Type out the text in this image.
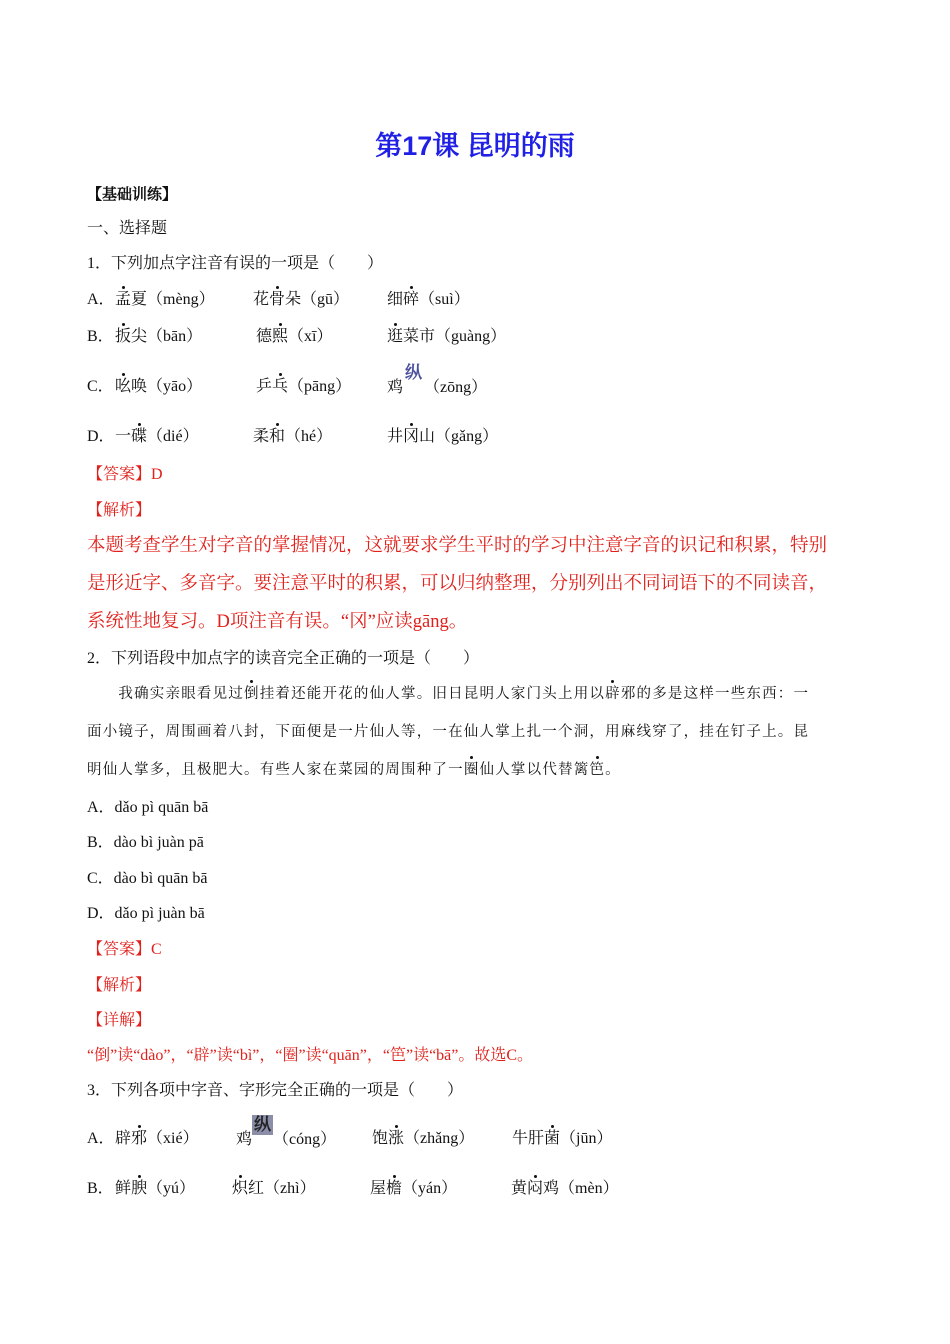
第17课 昆明的雨
【基础训练】
一、选择题
1．下列加点字注音有误的一项是（　　）
A． 孟夏（mèng） 花骨朵（gū） 细碎（suì）
B． 扳尖（bān）	德熙（xī）	逛菜市（guàng）
C． 吆唤（yāo）	乒乓（pāng） 鸡纵（zōng）
D． 一碟（dié）	柔和（hé）	井冈山（gǎng）
【答案】D
【解析】
本题考查学生对字音的掌握情况，这就要求学生平时的学习中注意字音的识记和积累，特别
是形近字、多音字。要注意平时的积累，可以归纳整理，分别列出不同词语下的不同读音，
系统性地复习。D项注音有误。“冈”应读gāng。
2．下列语段中加点字的读音完全正确的一项是（　　）
　　我确实亲眼看见过倒挂着还能开花的仙人掌。旧日昆明人家门头上用以辟邪的多是这样一些东西：一
面小镜子，周围画着八封，下面便是一片仙人等，一在仙人掌上扎一个洞，用麻线穿了，挂在钉子上。昆
明仙人掌多，且极肥大。有些人家在菜园的周围种了一圈仙人掌以代替篱笆。
A．dǎo pì quān bā
B．dào bì juàn pā
C．dào bì quān bā
D．dǎo pì juàn bā
【答案】C
【解析】
【详解】
“倒”读“dào”，“辟”读“bì”，“圈”读“quān”，“笆”读“bā”。故选C。
3．下列各项中字音、字形完全正确的一项是（　　）
A． 辟邪（xié） 鸡纵（cóng） 饱涨（zhǎng） 牛肝菌（jūn）
B． 鲜腴（yú） 炽红（zhì）	屋檐（yán）	黄闷鸡（mèn）
